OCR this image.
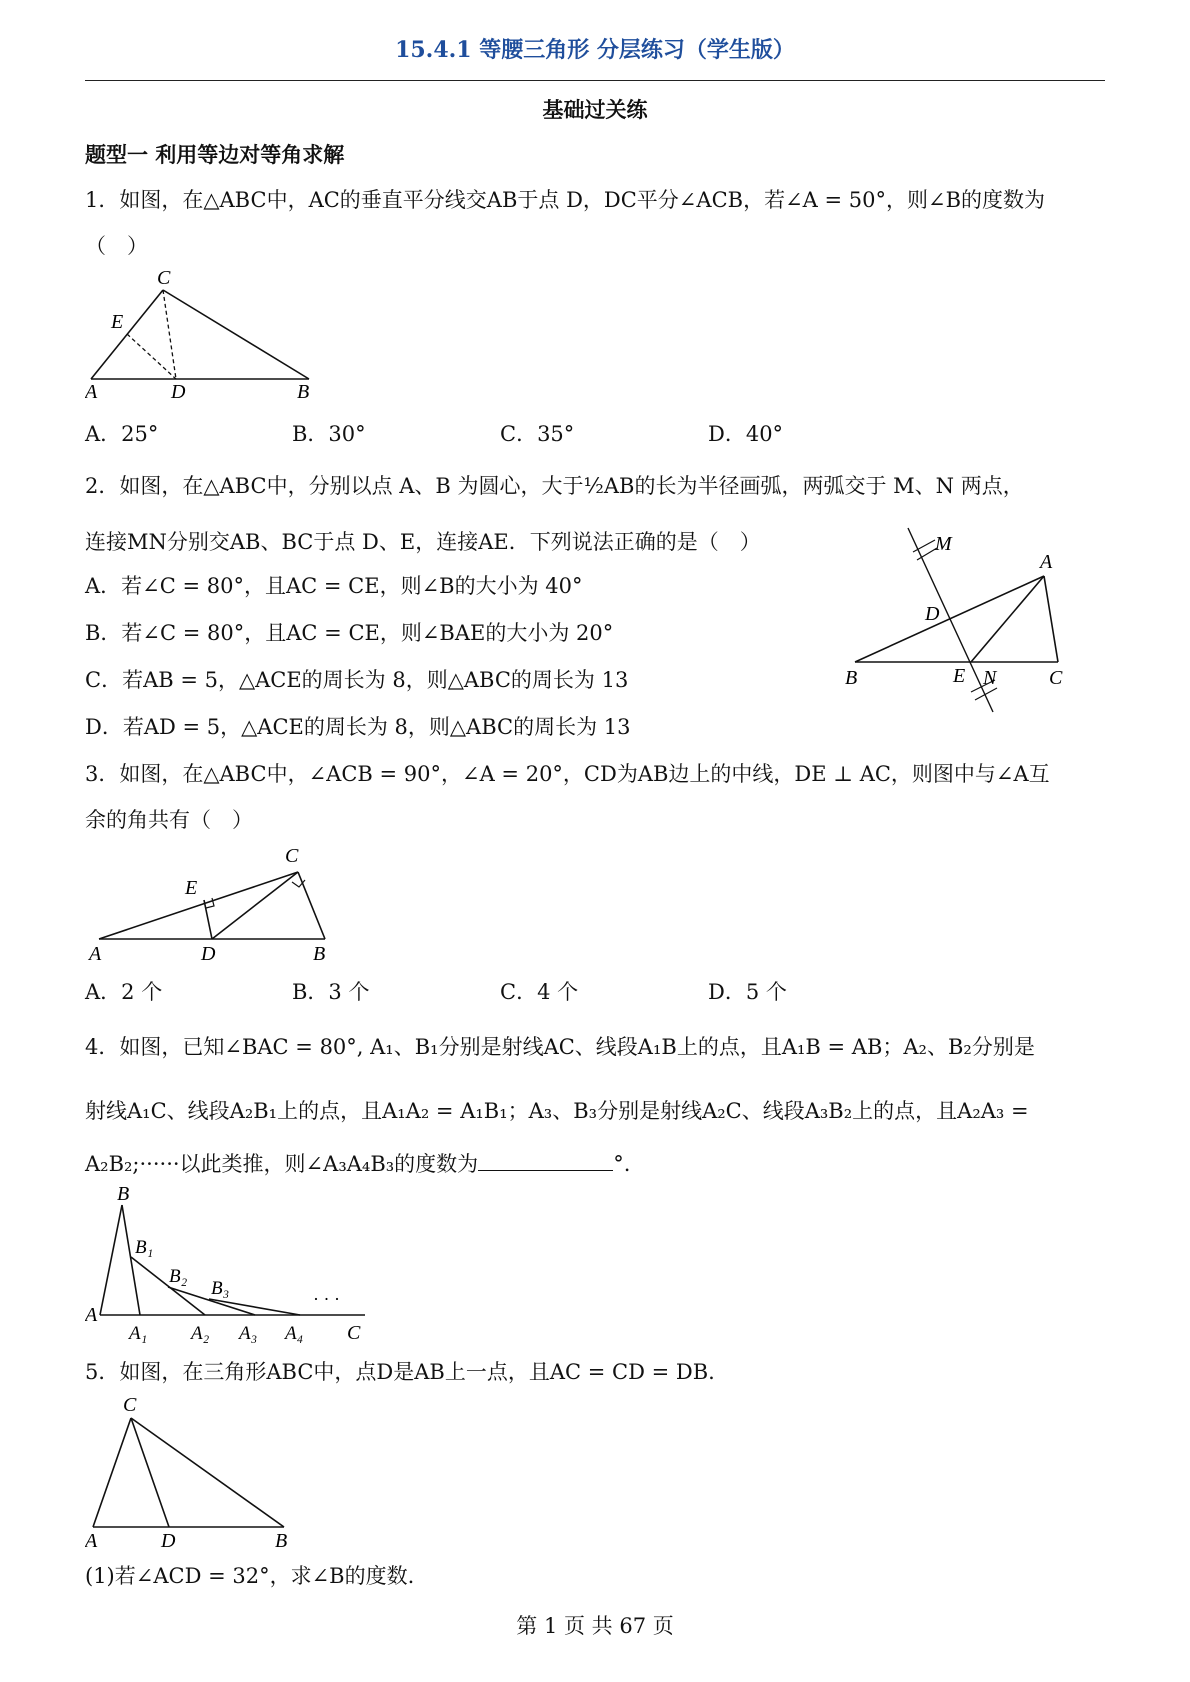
15.4.1 等腰三角形 分层练习（学生版）
基础过关练
题型一 利用等边对等角求解
1．如图，在△ABC中，AC的垂直平分线交AB于点 D，DC平分∠ACB，若∠A = 50°，则∠B的度数为
（　）
C
E
A	D	B
A．25°	B．30°	C．35°	D．40°
2．如图，在△ABC中，分别以点 A、B 为圆心，大于½AB的长为半径画弧，两弧交于 M、N 两点，
连接MN分别交AB、BC于点 D、E，连接AE．下列说法正确的是（　）
A．若∠C = 80°，且AC = CE，则∠B的大小为 40°
B．若∠C = 80°，且AC = CE，则∠BAE的大小为 20°
C．若AB = 5，△ACE的周长为 8，则△ABC的周长为 13
D．若AD = 5，△ACE的周长为 8，则△ABC的周长为 13
M
A
D
B	E N	C
3．如图，在△ABC中，∠ACB = 90°，∠A = 20°，CD为AB边上的中线，DE ⊥ AC，则图中与∠A互
余的角共有（　）
C
E
A	D	B
A．2 个	B．3 个	C．4 个	D．5 个
4．如图，已知∠BAC = 80°, A₁、B₁分别是射线AC、线段A₁B上的点，且A₁B = AB；A₂、B₂分别是
射线A₁C、线段A₂B₁上的点，且A₁A₂ = A₁B₁；A₃、B₃分别是射线A₂C、线段A₃B₂上的点，且A₂A₃ =
A₂B₂;······以此类推，则∠A₃A₄B₃的度数为	°.
B
B₁
B₂
B₃
A
A₁ A₂ A₃ A₄ C
· · ·
5．如图，在三角形ABC中，点D是AB上一点，且AC = CD = DB.
C
A	D	B
(1)若∠ACD = 32°，求∠B的度数.
第 1 页 共 67 页
